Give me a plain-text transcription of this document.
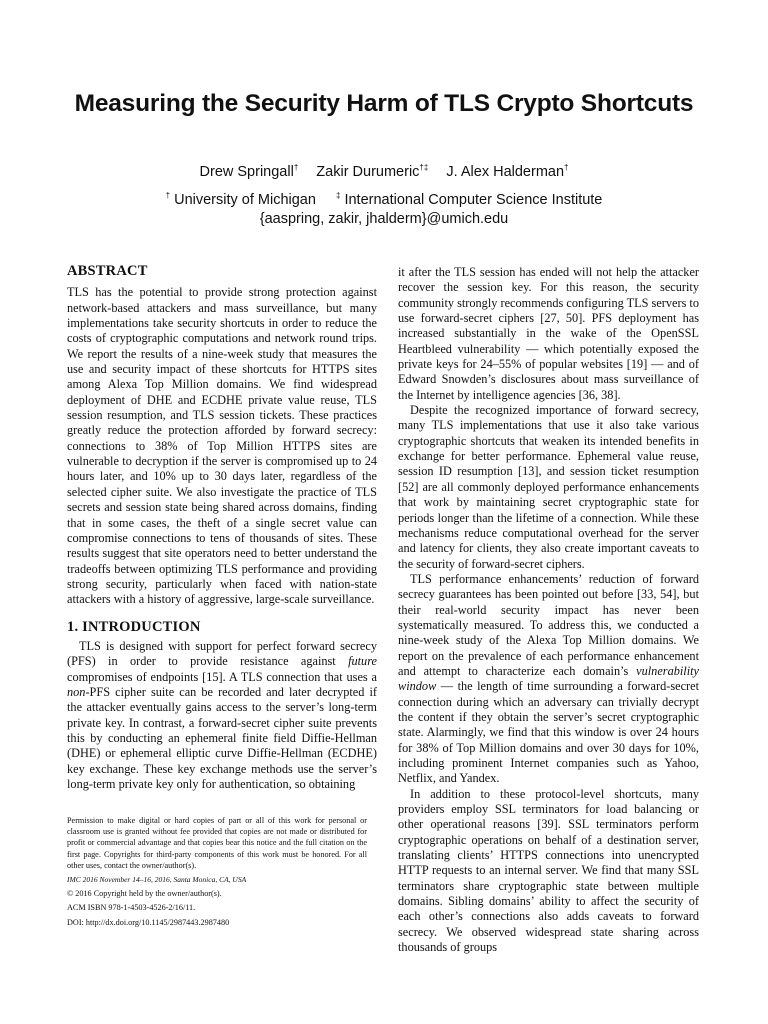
Measuring the Security Harm of TLS Crypto Shortcuts
Drew Springall† Zakir Durumeric†‡ J. Alex Halderman†
† University of Michigan	‡ International Computer Science Institute
{aaspring, zakir, jhalderm}@umich.edu
ABSTRACT

TLS has the potential to provide strong protection against network-based attackers and mass surveillance, but many implementations take security shortcuts in order to reduce the costs of cryptographic computations and network round trips. We report the results of a nine-week study that measures the use and security impact of these shortcuts for HTTPS sites among Alexa Top Million domains. We find widespread deployment of DHE and ECDHE private value reuse, TLS session resumption, and TLS session tickets. These practices greatly reduce the protection afforded by forward secrecy: connections to 38% of Top Million HTTPS sites are vulnerable to decryption if the server is compromised up to 24 hours later, and 10% up to 30 days later, regardless of the selected cipher suite. We also investigate the practice of TLS secrets and session state being shared across domains, finding that in some cases, the theft of a single secret value can compromise connections to tens of thousands of sites. These results suggest that site operators need to better understand the tradeoffs between optimizing TLS performance and providing strong security, particularly when faced with nation-state attackers with a history of aggressive, large-scale surveillance.

1. INTRODUCTION

TLS is designed with support for perfect forward secrecy (PFS) in order to provide resistance against future compromises of endpoints [15]. A TLS connection that uses a non-PFS cipher suite can be recorded and later decrypted if the attacker eventually gains access to the server’s long-term private key. In contrast, a forward-secret cipher suite prevents this by conducting an ephemeral finite field Diffie-Hellman (DHE) or ephemeral elliptic curve Diffie-Hellman (ECDHE) key exchange. These key exchange methods use the server’s long-term private key only for authentication, so obtaining

it after the TLS session has ended will not help the attacker recover the session key. For this reason, the security community strongly recommends configuring TLS servers to use forward-secret ciphers [27, 50]. PFS deployment has increased substantially in the wake of the OpenSSL Heartbleed vulnerability — which potentially exposed the private keys for 24–55% of popular websites [19] — and of Edward Snowden’s disclosures about mass surveillance of the Internet by intelligence agencies [36, 38].

Despite the recognized importance of forward secrecy, many TLS implementations that use it also take various cryptographic shortcuts that weaken its intended benefits in exchange for better performance. Ephemeral value reuse, session ID resumption [13], and session ticket resumption [52] are all commonly deployed performance enhancements that work by maintaining secret cryptographic state for periods longer than the lifetime of a connection. While these mechanisms reduce computational overhead for the server and latency for clients, they also create important caveats to the security of forward-secret ciphers.

TLS performance enhancements’ reduction of forward secrecy guarantees has been pointed out before [33, 54], but their real-world security impact has never been systematically measured. To address this, we conducted a nine-week study of the Alexa Top Million domains. We report on the prevalence of each performance enhancement and attempt to characterize each domain’s vulnerability window — the length of time surrounding a forward-secret connection during which an adversary can trivially decrypt the content if they obtain the server’s secret cryptographic state. Alarmingly, we find that this window is over 24 hours for 38% of Top Million domains and over 30 days for 10%, including prominent Internet companies such as Yahoo, Netflix, and Yandex.

In addition to these protocol-level shortcuts, many providers employ SSL terminators for load balancing or other operational reasons [39]. SSL terminators perform cryptographic operations on behalf of a destination server, translating clients’ HTTPS connections into unencrypted HTTP requests to an internal server. We find that many SSL terminators share cryptographic state between multiple domains. Sibling domains’ ability to affect the security of each other’s connections also adds caveats to forward secrecy. We observed widespread state sharing across thousands of groups

Permission to make digital or hard copies of part or all of this work for personal or classroom use is granted without fee provided that copies are not made or distributed for profit or commercial advantage and that copies bear this notice and the full citation on the first page. Copyrights for third-party components of this work must be honored. For all other uses, contact the owner/author(s).

IMC 2016 November 14–16, 2016, Santa Monica, CA, USA
© 2016 Copyright held by the owner/author(s).
ACM ISBN 978-1-4503-4526-2/16/11.
DOI: http://dx.doi.org/10.1145/2987443.2987480
